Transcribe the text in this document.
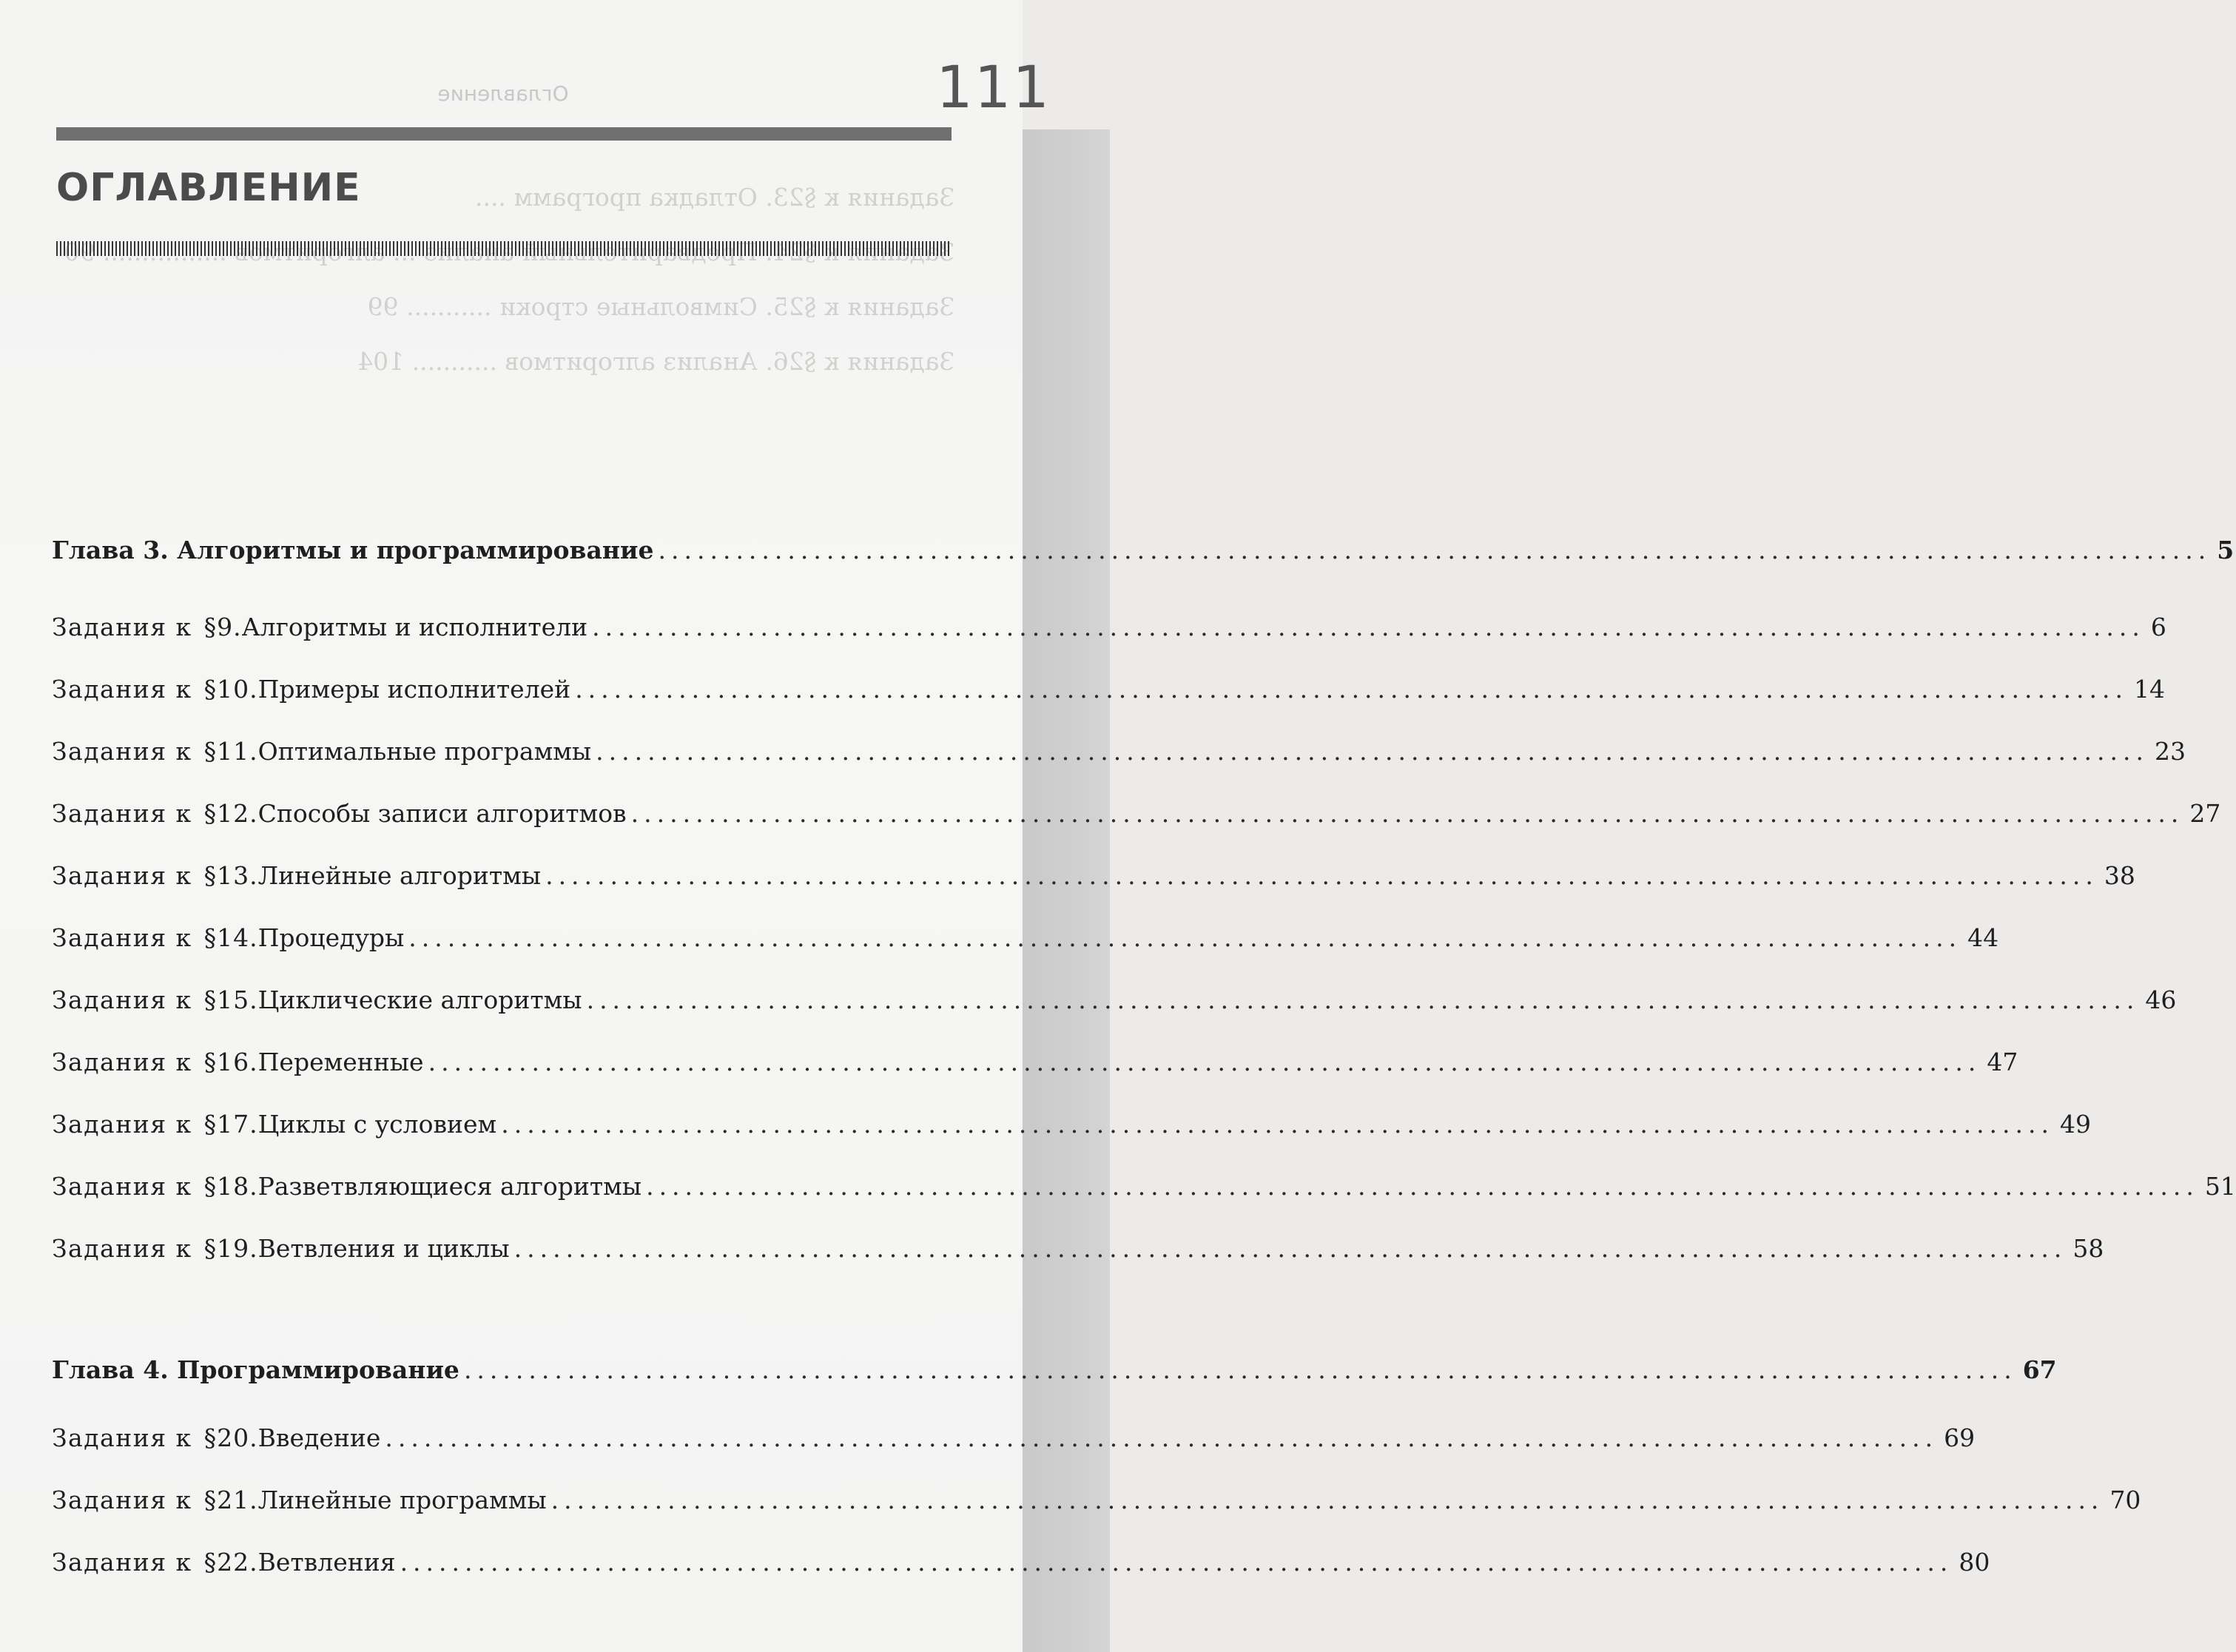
Оглавление	111

ОГЛАВЛЕНИЕ	Задания к §23. Отладка программ ....
Задания к §24. Предварительный анализ ... алгоритмов ................ 90
Задания к §25. Символьные строки ........... 99
Задания к §26. Анализ алгоритмов ........... 104
Глава 3. Алгоритмы и программирование ........................................................................................................................ 5
Задания к §9. Алгоритмы и исполнители ........................................................................................................................ 6
Задания к §10. Примеры исполнителей ........................................................................................................................ 14
Задания к §11. Оптимальные программы ........................................................................................................................ 23
Задания к §12. Способы записи алгоритмов ........................................................................................................................ 27
Задания к §13. Линейные алгоритмы ........................................................................................................................ 38
Задания к §14. Процедуры ........................................................................................................................ 44
Задания к §15. Циклические алгоритмы ........................................................................................................................ 46
Задания к §16. Переменные ........................................................................................................................ 47
Задания к §17. Циклы с условием ........................................................................................................................ 49
Задания к §18. Разветвляющиеся алгоритмы ........................................................................................................................ 51
Задания к §19. Ветвления и циклы ........................................................................................................................ 58
Глава 4. Программирование ........................................................................................................................ 67
Задания к §20. Введение ........................................................................................................................ 69
Задания к §21. Линейные программы ........................................................................................................................ 70
Задания к §22. Ветвления ........................................................................................................................ 80
